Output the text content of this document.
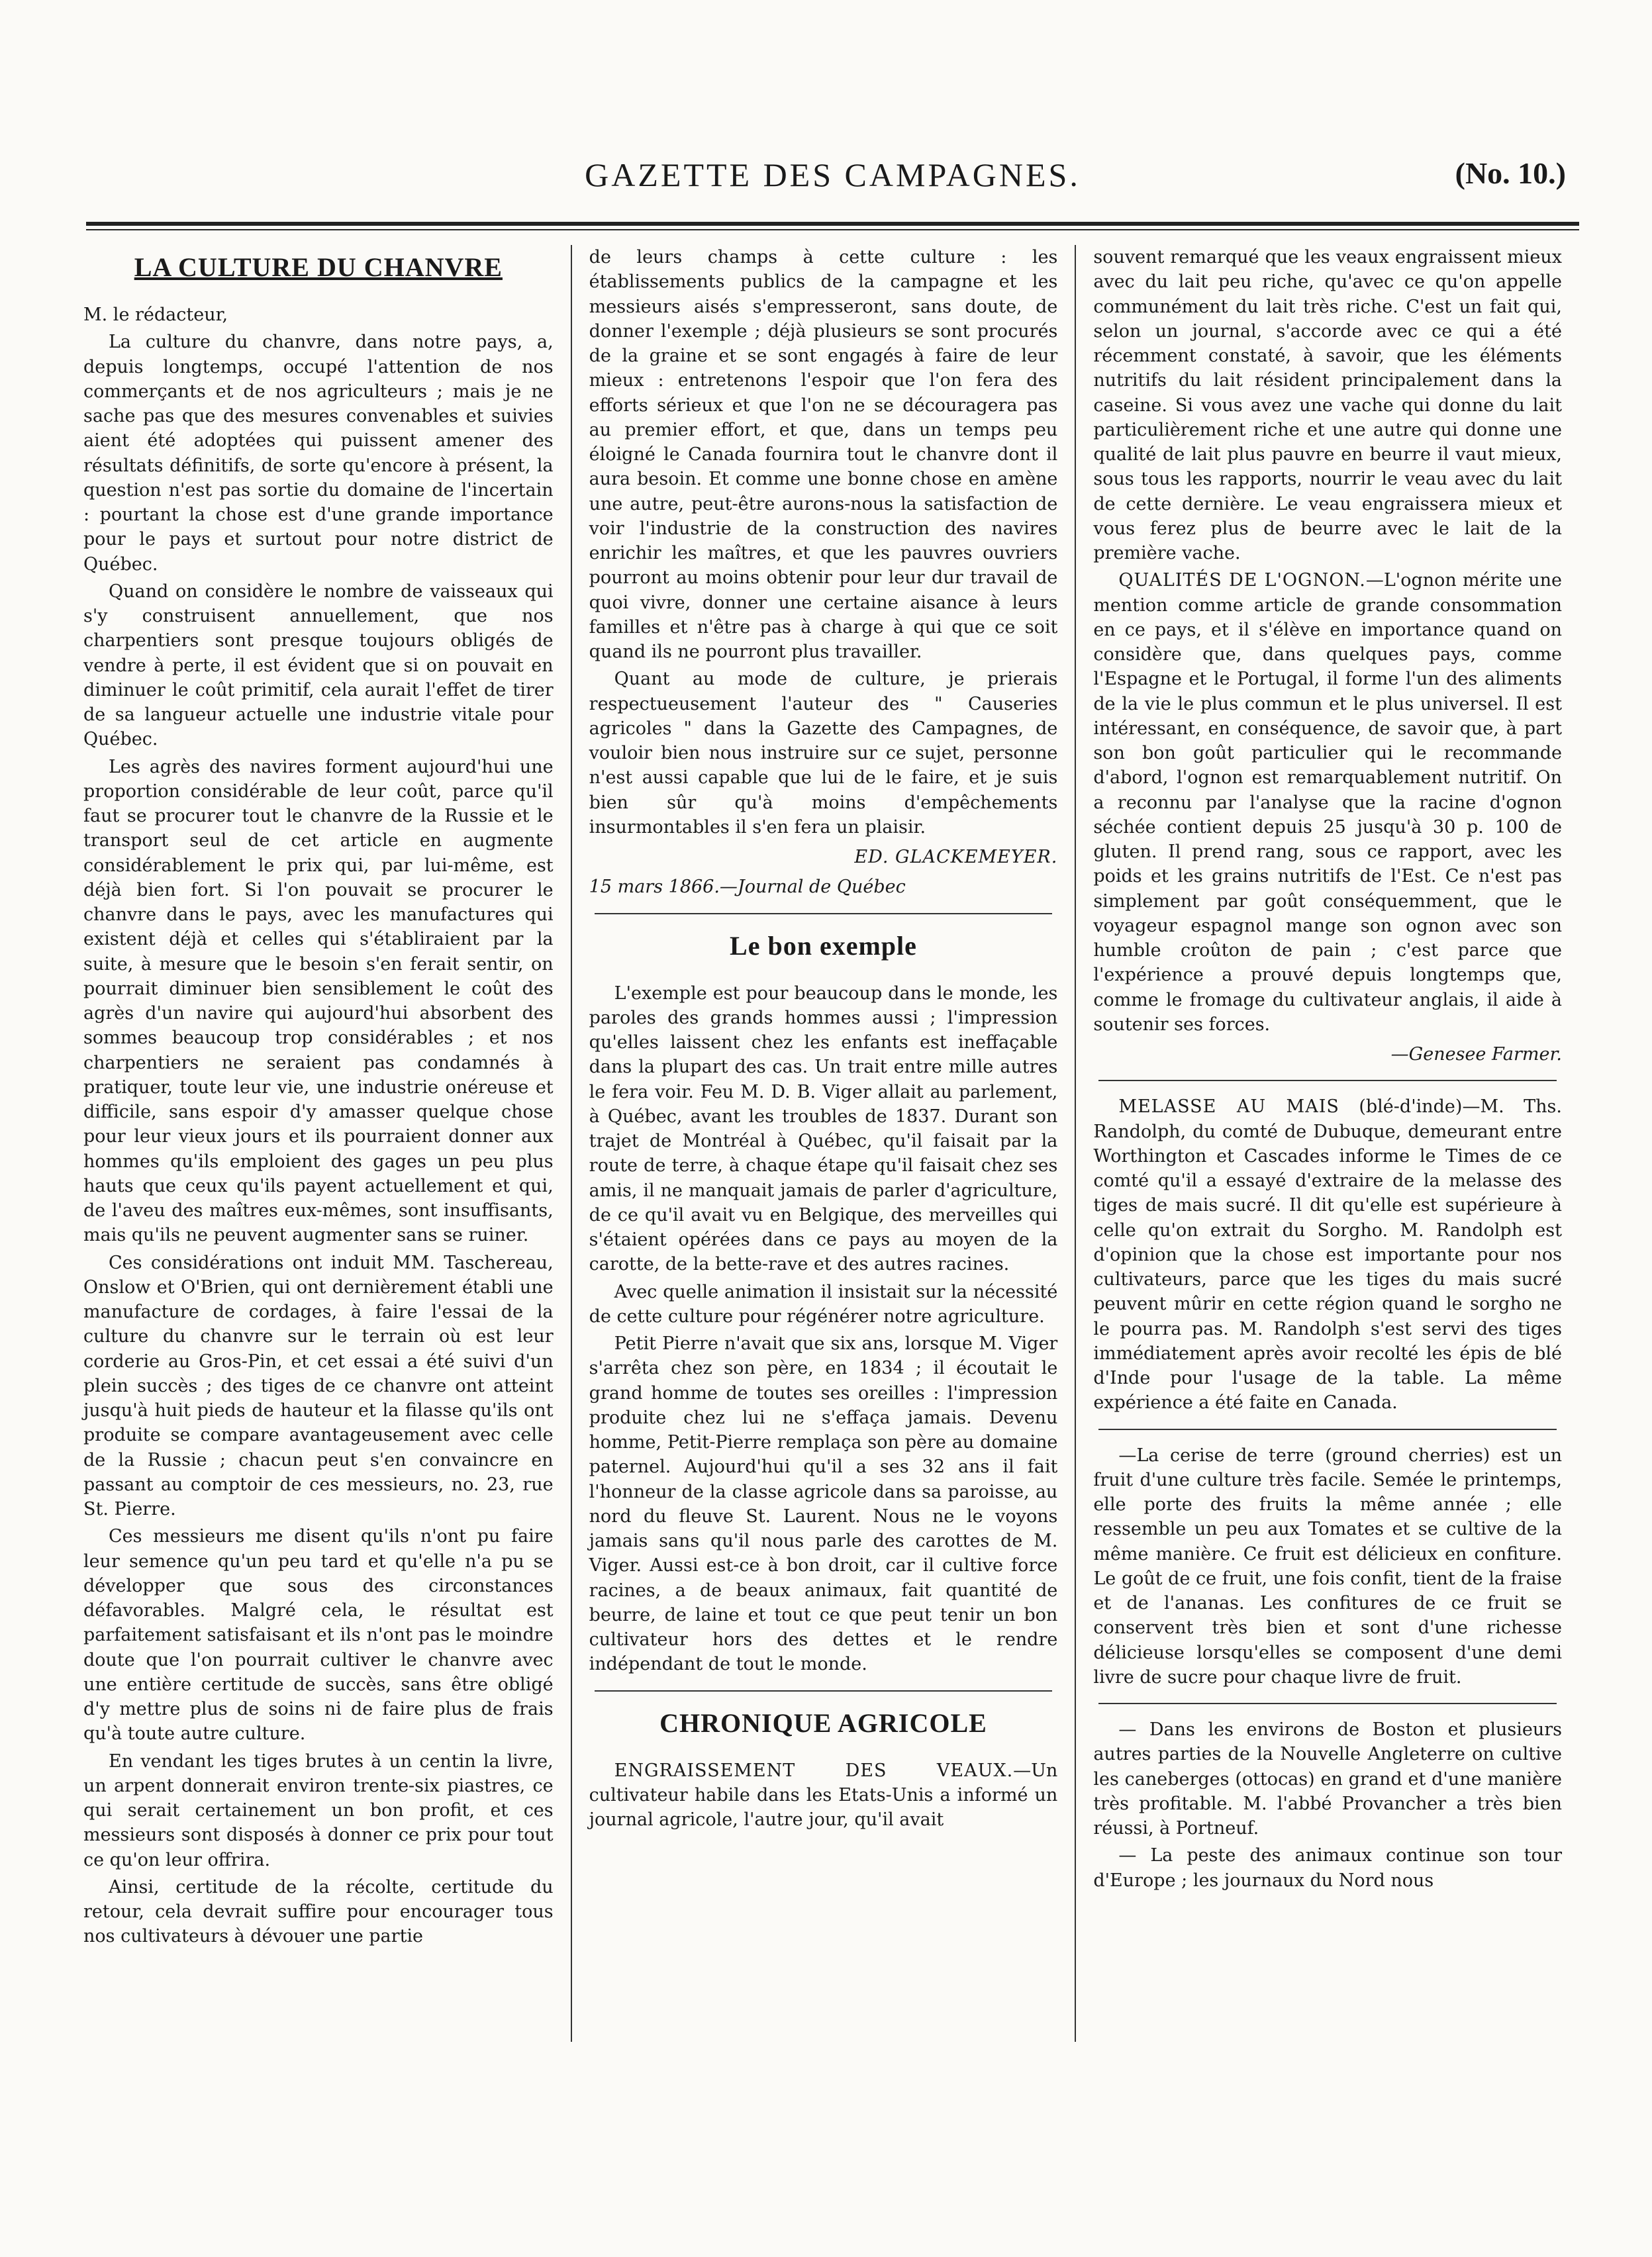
GAZETTE DES CAMPAGNES.	(No. 10.)
LA CULTURE DU CHANVRE

M. le rédacteur,

La culture du chanvre, dans notre pays, a, depuis longtemps, occupé l'attention de nos commerçants et de nos agriculteurs ; mais je ne sache pas que des mesures convenables et suivies aient été adoptées qui puissent amener des résultats définitifs, de sorte qu'encore à présent, la question n'est pas sortie du domaine de l'incertain : pourtant la chose est d'une grande importance pour le pays et surtout pour notre district de Québec.

Quand on considère le nombre de vaisseaux qui s'y construisent annuellement, que nos charpentiers sont presque toujours obligés de vendre à perte, il est évident que si on pouvait en diminuer le coût primitif, cela aurait l'effet de tirer de sa langueur actuelle une industrie vitale pour Québec.

Les agrès des navires forment aujourd'hui une proportion considérable de leur coût, parce qu'il faut se procurer tout le chanvre de la Russie et le transport seul de cet article en augmente considérablement le prix qui, par lui-même, est déjà bien fort. Si l'on pouvait se procurer le chanvre dans le pays, avec les manufactures qui existent déjà et celles qui s'établiraient par la suite, à mesure que le besoin s'en ferait sentir, on pourrait diminuer bien sensiblement le coût des agrès d'un navire qui aujourd'hui absorbent des sommes beaucoup trop considérables ; et nos charpentiers ne seraient pas condamnés à pratiquer, toute leur vie, une industrie onéreuse et difficile, sans espoir d'y amasser quelque chose pour leur vieux jours et ils pourraient donner aux hommes qu'ils emploient des gages un peu plus hauts que ceux qu'ils payent actuellement et qui, de l'aveu des maîtres eux-mêmes, sont insuffisants, mais qu'ils ne peuvent augmenter sans se ruiner.

Ces considérations ont induit MM. Taschereau, Onslow et O'Brien, qui ont dernièrement établi une manufacture de cordages, à faire l'essai de la culture du chanvre sur le terrain où est leur corderie au Gros-Pin, et cet essai a été suivi d'un plein succès ; des tiges de ce chanvre ont atteint jusqu'à huit pieds de hauteur et la filasse qu'ils ont produite se compare avantageusement avec celle de la Russie ; chacun peut s'en convaincre en passant au comptoir de ces messieurs, no. 23, rue St. Pierre.

Ces messieurs me disent qu'ils n'ont pu faire leur semence qu'un peu tard et qu'elle n'a pu se développer que sous des circonstances défavorables. Malgré cela, le résultat est parfaitement satisfaisant et ils n'ont pas le moindre doute que l'on pourrait cultiver le chanvre avec une entière certitude de succès, sans être obligé d'y mettre plus de soins ni de faire plus de frais qu'à toute autre culture.

En vendant les tiges brutes à un centin la livre, un arpent donnerait environ trente-six piastres, ce qui serait certainement un bon profit, et ces messieurs sont disposés à donner ce prix pour tout ce qu'on leur offrira.

Ainsi, certitude de la récolte, certitude du retour, cela devrait suffire pour encourager tous nos cultivateurs à dévouer une partie

de leurs champs à cette culture : les établissements publics de la campagne et les messieurs aisés s'empresseront, sans doute, de donner l'exemple ; déjà plusieurs se sont procurés de la graine et se sont engagés à faire de leur mieux : entretenons l'espoir que l'on fera des efforts sérieux et que l'on ne se découragera pas au premier effort, et que, dans un temps peu éloigné le Canada fournira tout le chanvre dont il aura besoin. Et comme une bonne chose en amène une autre, peut-être aurons-nous la satisfaction de voir l'industrie de la construction des navires enrichir les maîtres, et que les pauvres ouvriers pourront au moins obtenir pour leur dur travail de quoi vivre, donner une certaine aisance à leurs familles et n'être pas à charge à qui que ce soit quand ils ne pourront plus travailler.

Quant au mode de culture, je prierais respectueusement l'auteur des " Causeries agricoles " dans la Gazette des Campagnes, de vouloir bien nous instruire sur ce sujet, personne n'est aussi capable que lui de le faire, et je suis bien sûr qu'à moins d'empêchements insurmontables il s'en fera un plaisir.

ED. GLACKEMEYER.

15 mars 1866.—Journal de Québec

Le bon exemple

L'exemple est pour beaucoup dans le monde, les paroles des grands hommes aussi ; l'impression qu'elles laissent chez les enfants est ineffaçable dans la plupart des cas. Un trait entre mille autres le fera voir. Feu M. D. B. Viger allait au parlement, à Québec, avant les troubles de 1837. Durant son trajet de Montréal à Québec, qu'il faisait par la route de terre, à chaque étape qu'il faisait chez ses amis, il ne manquait jamais de parler d'agriculture, de ce qu'il avait vu en Belgique, des merveilles qui s'étaient opérées dans ce pays au moyen de la carotte, de la bette-rave et des autres racines.

Avec quelle animation il insistait sur la nécessité de cette culture pour régénérer notre agriculture.

Petit Pierre n'avait que six ans, lorsque M. Viger s'arrêta chez son père, en 1834 ; il écoutait le grand homme de toutes ses oreilles : l'impression produite chez lui ne s'effaça jamais. Devenu homme, Petit-Pierre remplaça son père au domaine paternel. Aujourd'hui qu'il a ses 32 ans il fait l'honneur de la classe agricole dans sa paroisse, au nord du fleuve St. Laurent. Nous ne le voyons jamais sans qu'il nous parle des carottes de M. Viger. Aussi est-ce à bon droit, car il cultive force racines, a de beaux animaux, fait quantité de beurre, de laine et tout ce que peut tenir un bon cultivateur hors des dettes et le rendre indépendant de tout le monde.

CHRONIQUE AGRICOLE

ENGRAISSEMENT DES VEAUX.—Un cultivateur habile dans les Etats-Unis a informé un journal agricole, l'autre jour, qu'il avait

souvent remarqué que les veaux engraissent mieux avec du lait peu riche, qu'avec ce qu'on appelle communément du lait très riche. C'est un fait qui, selon un journal, s'accorde avec ce qui a été récemment constaté, à savoir, que les éléments nutritifs du lait résident principalement dans la caseine. Si vous avez une vache qui donne du lait particulièrement riche et une autre qui donne une qualité de lait plus pauvre en beurre il vaut mieux, sous tous les rapports, nourrir le veau avec du lait de cette dernière. Le veau engraissera mieux et vous ferez plus de beurre avec le lait de la première vache.

QUALITÉS DE L'OGNON.—L'ognon mérite une mention comme article de grande consommation en ce pays, et il s'élève en importance quand on considère que, dans quelques pays, comme l'Espagne et le Portugal, il forme l'un des aliments de la vie le plus commun et le plus universel. Il est intéressant, en conséquence, de savoir que, à part son bon goût particulier qui le recommande d'abord, l'ognon est remarquablement nutritif. On a reconnu par l'analyse que la racine d'ognon séchée contient depuis 25 jusqu'à 30 p. 100 de gluten. Il prend rang, sous ce rapport, avec les poids et les grains nutritifs de l'Est. Ce n'est pas simplement par goût conséquemment, que le voyageur espagnol mange son ognon avec son humble croûton de pain ; c'est parce que l'expérience a prouvé depuis longtemps que, comme le fromage du cultivateur anglais, il aide à soutenir ses forces.

—Genesee Farmer.

MELASSE AU MAIS (blé-d'inde)—M. Ths. Randolph, du comté de Dubuque, demeurant entre Worthington et Cascades informe le Times de ce comté qu'il a essayé d'extraire de la melasse des tiges de mais sucré. Il dit qu'elle est supérieure à celle qu'on extrait du Sorgho. M. Randolph est d'opinion que la chose est importante pour nos cultivateurs, parce que les tiges du mais sucré peuvent mûrir en cette région quand le sorgho ne le pourra pas. M. Randolph s'est servi des tiges immédiatement après avoir recolté les épis de blé d'Inde pour l'usage de la table. La même expérience a été faite en Canada.

—La cerise de terre (ground cherries) est un fruit d'une culture très facile. Semée le printemps, elle porte des fruits la même année ; elle ressemble un peu aux Tomates et se cultive de la même manière. Ce fruit est délicieux en confiture. Le goût de ce fruit, une fois confit, tient de la fraise et de l'ananas. Les confitures de ce fruit se conservent très bien et sont d'une richesse délicieuse lorsqu'elles se composent d'une demi livre de sucre pour chaque livre de fruit.

— Dans les environs de Boston et plusieurs autres parties de la Nouvelle Angleterre on cultive les caneberges (ottocas) en grand et d'une manière très profitable. M. l'abbé Provancher a très bien réussi, à Portneuf.

— La peste des animaux continue son tour d'Europe ; les journaux du Nord nous
